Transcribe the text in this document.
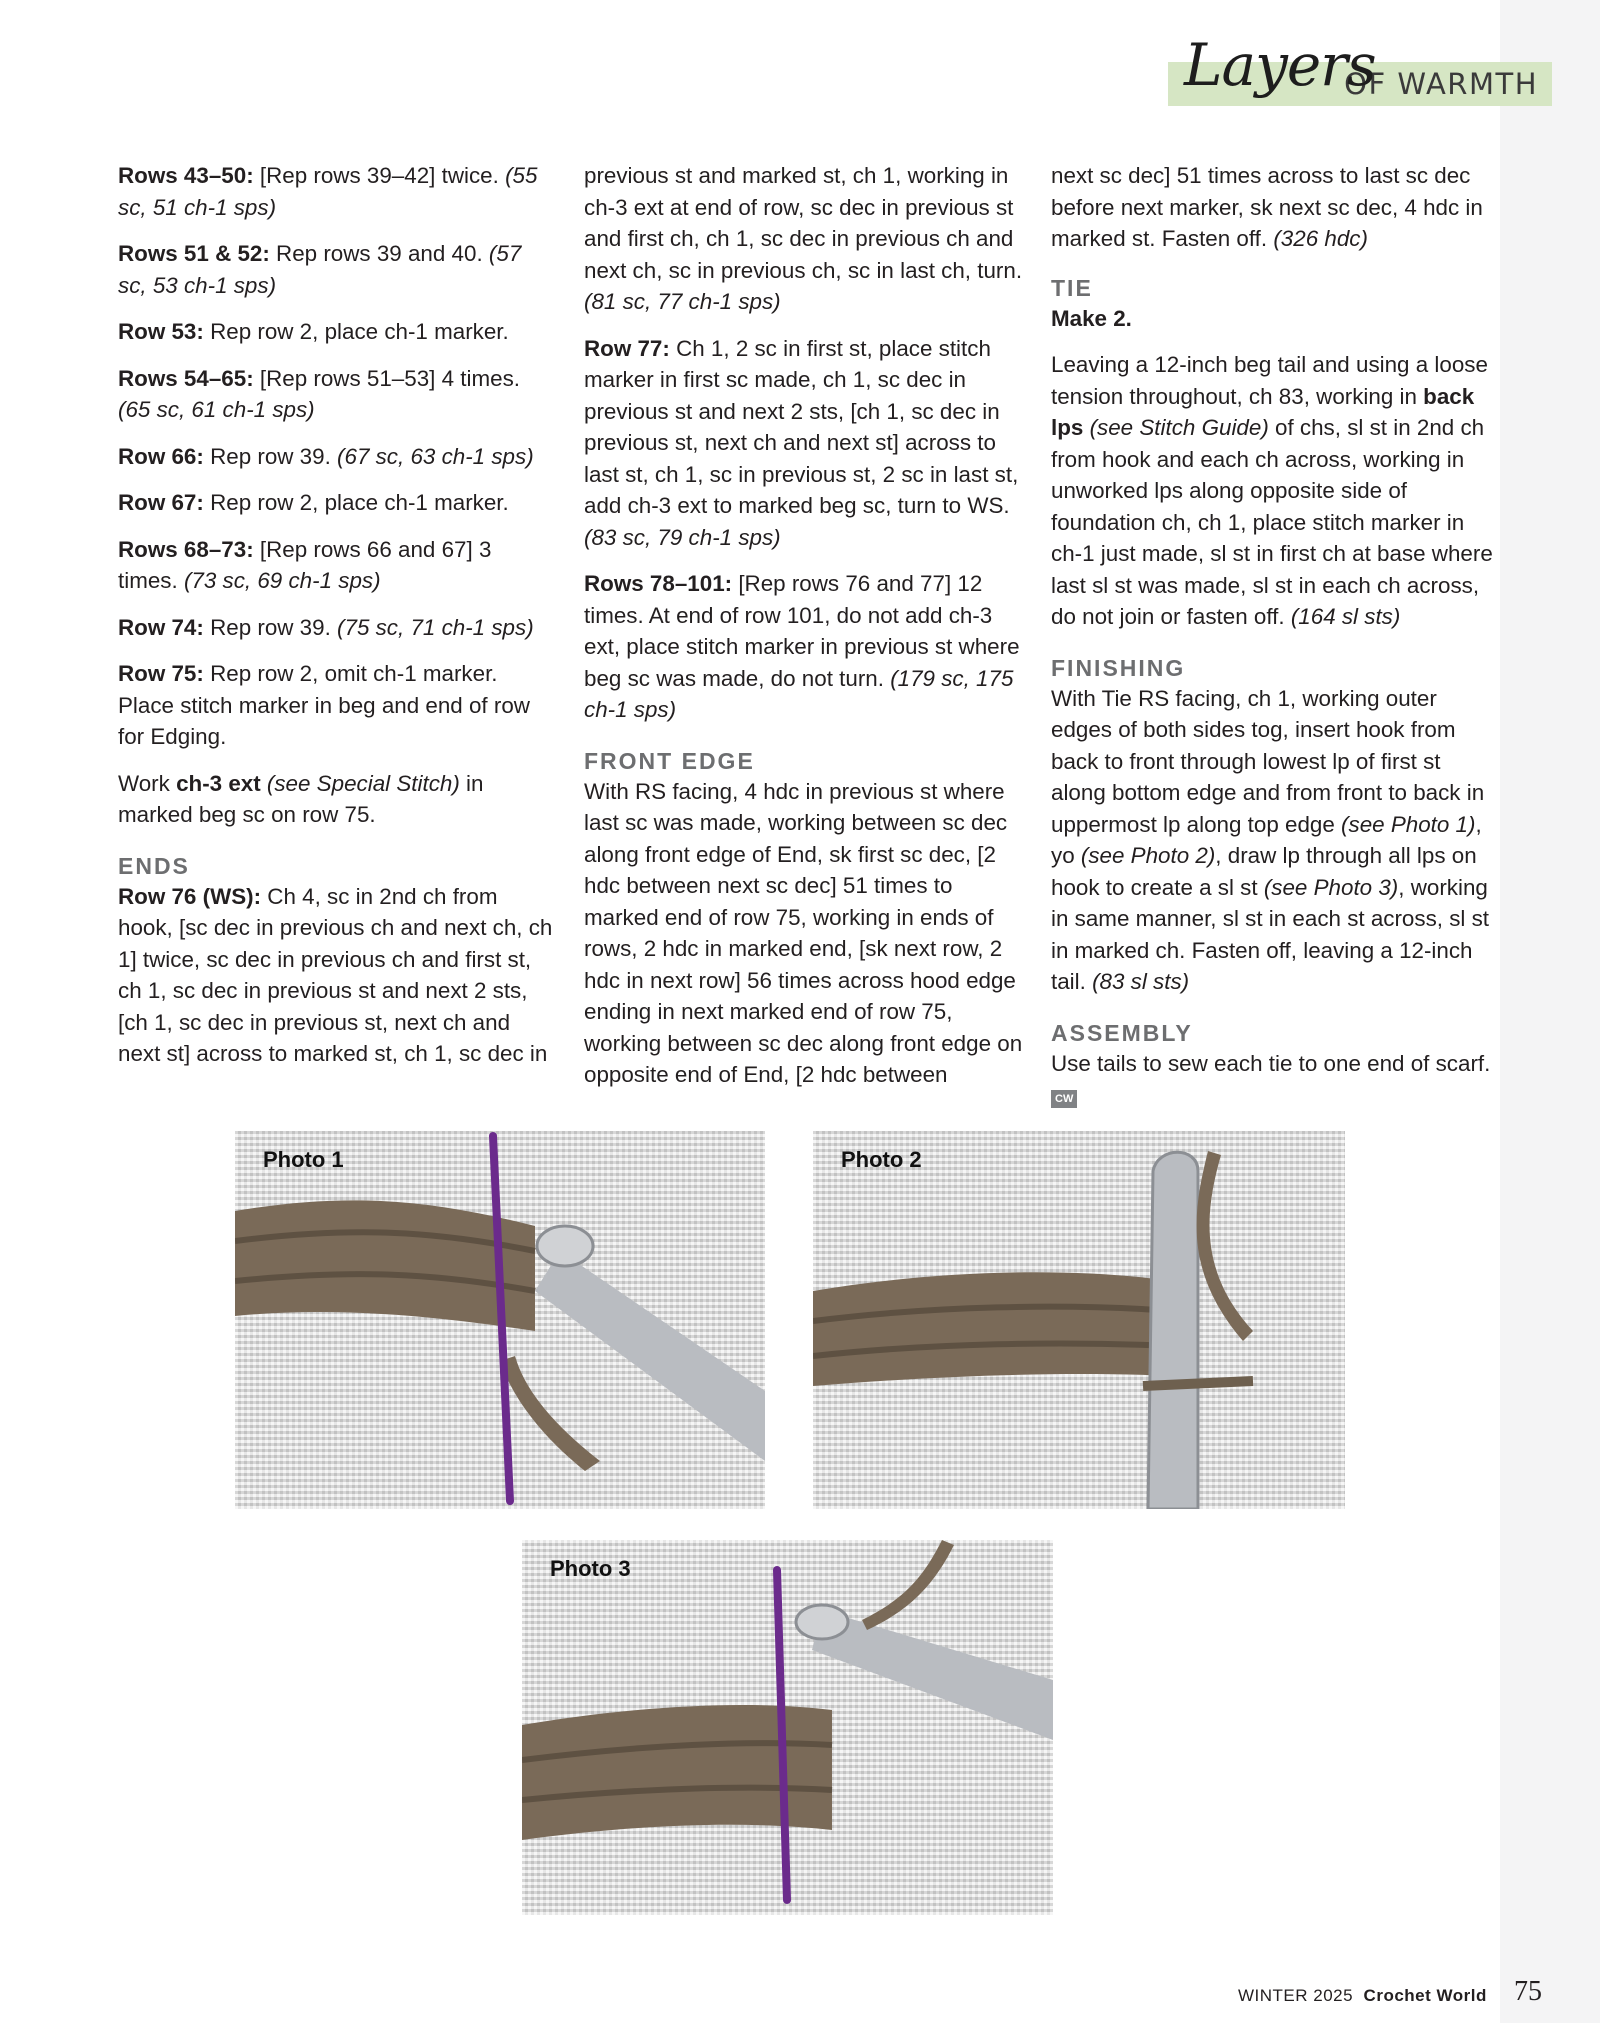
OF WARMTH
Layers

Rows 43–50: [Rep rows 39–42] twice. (55 sc, 51 ch-1 sps)

Rows 51 & 52: Rep rows 39 and 40. (57 sc, 53 ch-1 sps)

Row 53: Rep row 2, place ch-1 marker.

Rows 54–65: [Rep rows 51–53] 4 times. (65 sc, 61 ch-1 sps)

Row 66: Rep row 39. (67 sc, 63 ch-1 sps)

Row 67: Rep row 2, place ch-1 marker.

Rows 68–73: [Rep rows 66 and 67] 3 times. (73 sc, 69 ch-1 sps)

Row 74: Rep row 39. (75 sc, 71 ch-1 sps)

Row 75: Rep row 2, omit ch-1 marker. Place stitch marker in beg and end of row for Edging.

Work ch-3 ext (see Special Stitch) in marked beg sc on row 75.

ENDS

Row 76 (WS): Ch 4, sc in 2nd ch from hook, [sc dec in previous ch and next ch, ch 1] twice, sc dec in previous ch and first st, ch 1, sc dec in previous st and next 2 sts, [ch 1, sc dec in previous st, next ch and next st] across to marked st, ch 1, sc dec in

previous st and marked st, ch 1, working in ch-3 ext at end of row, sc dec in previous st and first ch, ch 1, sc dec in previous ch and next ch, sc in previous ch, sc in last ch, turn. (81 sc, 77 ch-1 sps)

Row 77: Ch 1, 2 sc in first st, place stitch marker in first sc made, ch 1, sc dec in previous st and next 2 sts, [ch 1, sc dec in previous st, next ch and next st] across to last st, ch 1, sc in previous st, 2 sc in last st, add ch-3 ext to marked beg sc, turn to WS. (83 sc, 79 ch-1 sps)

Rows 78–101: [Rep rows 76 and 77] 12 times. At end of row 101, do not add ch-3 ext, place stitch marker in previous st where beg sc was made, do not turn. (179 sc, 175 ch-1 sps)

FRONT EDGE

With RS facing, 4 hdc in previous st where last sc was made, working between sc dec along front edge of End, sk first sc dec, [2 hdc between next sc dec] 51 times to marked end of row 75, working in ends of rows, 2 hdc in marked end, [sk next row, 2 hdc in next row] 56 times across hood edge ending in next marked end of row 75, working between sc dec along front edge on opposite end of End, [2 hdc between

next sc dec] 51 times across to last sc dec before next marker, sk next sc dec, 4 hdc in marked st. Fasten off. (326 hdc)

TIE

Make 2.

Leaving a 12-inch beg tail and using a loose tension throughout, ch 83, working in back lps (see Stitch Guide) of chs, sl st in 2nd ch from hook and each ch across, working in unworked lps along opposite side of foundation ch, ch 1, place stitch marker in ch-1 just made, sl st in first ch at base where last sl st was made, sl st in each ch across, do not join or fasten off. (164 sl sts)

FINISHING

With Tie RS facing, ch 1, working outer edges of both sides tog, insert hook from back to front through lowest lp of first st along bottom edge and from front to back in uppermost lp along top edge (see Photo 1), yo (see Photo 2), draw lp through all lps on hook to create a sl st (see Photo 3), working in same manner, sl st in each st across, sl st in marked ch. Fasten off, leaving a 12-inch tail. (83 sl sts)

ASSEMBLY

Use tails to sew each tie to one end of scarf.

CW
Photo 1	Photo 2
Photo 3
WINTER 2025 Crochet World 75
